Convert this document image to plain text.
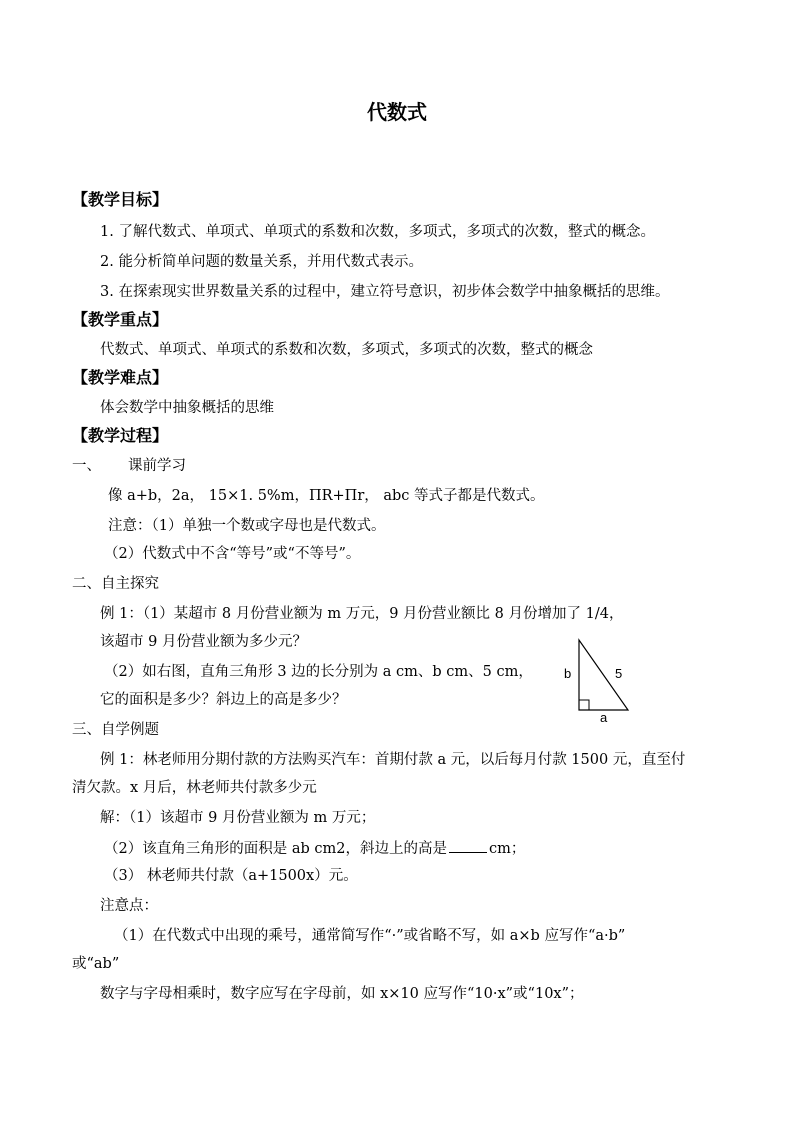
代数式
【教学目标】
1. 了解代数式、单项式、单项式的系数和次数，多项式，多项式的次数，整式的概念。
2. 能分析简单问题的数量关系，并用代数式表示。
3. 在探索现实世界数量关系的过程中，建立符号意识，初步体会数学中抽象概括的思维。
【教学重点】
代数式、单项式、单项式的系数和次数，多项式，多项式的次数，整式的概念
【教学难点】
体会数学中抽象概括的思维
【教学过程】
一、 课前学习
像 a+b，2a， 15×1. 5%m，ΠR+Πr， abc 等式子都是代数式。
注意：（1）单独一个数或字母也是代数式。
（2）代数式中不含“等号”或“不等号”。
二、自主探究
例 1：（1）某超市 8 月份营业额为 m 万元，9 月份营业额比 8 月份增加了 1/4，
该超市 9 月份营业额为多少元？
（2）如右图，直角三角形 3 边的长分别为 a cm、b cm、5 cm，
它的面积是多少？斜边上的高是多少？
b	5
a
三、自学例题
例 1：林老师用分期付款的方法购买汽车：首期付款 a 元，以后每月付款 1500 元，直至付
清欠款。x 月后，林老师共付款多少元
解：（1）该超市 9 月份营业额为 m 万元；
（2）该直角三角形的面积是 ab cm2，斜边上的高是	cm；
（3） 林老师共付款（a+1500x）元。
注意点：
（1）在代数式中出现的乘号，通常简写作“·”或省略不写，如 a×b 应写作“a·b”
或“ab”
数字与字母相乘时，数字应写在字母前，如 x×10 应写作“10·x”或“10x”；
